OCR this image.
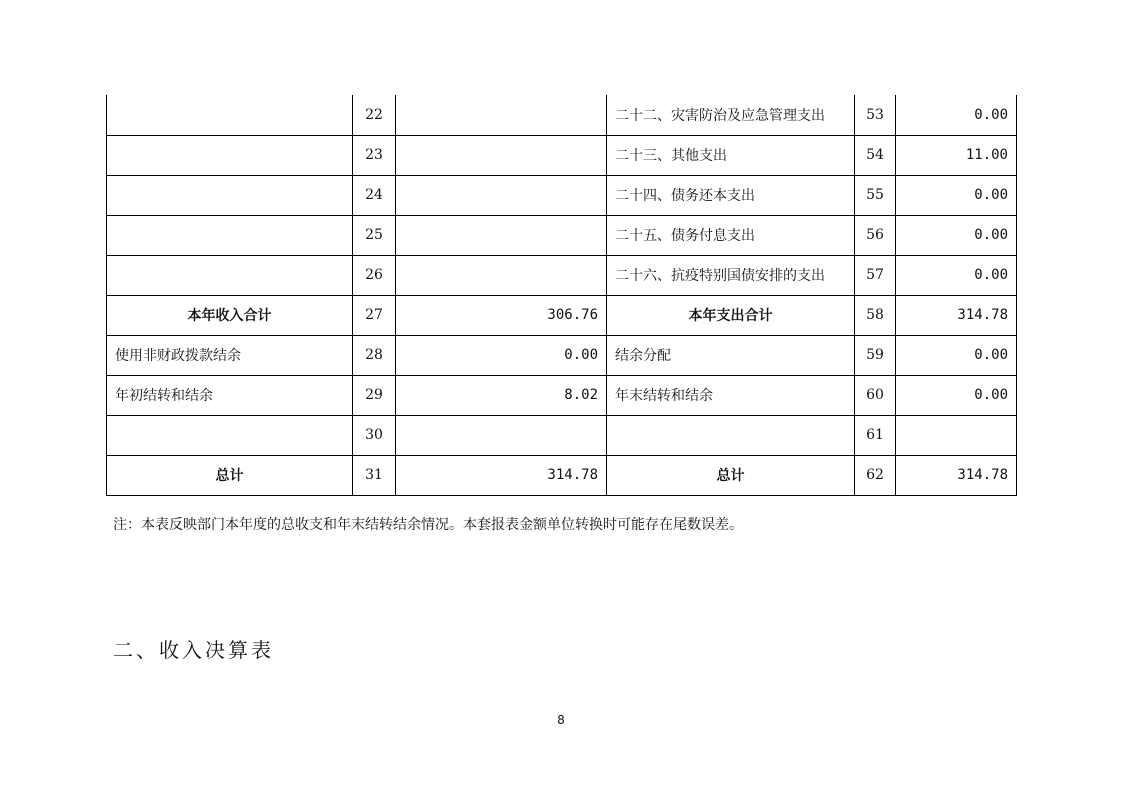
	22		二十二、灾害防治及应急管理支出	53	0.00
	23		二十三、其他支出	54	11.00
	24		二十四、债务还本支出	55	0.00
	25		二十五、债务付息支出	56	0.00
	26		二十六、抗疫特别国债安排的支出	57	0.00
本年收入合计	27	306.76	本年支出合计	58	314.78
使用非财政拨款结余	28	0.00	结余分配	59	0.00
年初结转和结余	29	8.02	年末结转和结余	60	0.00
	30			61	
总计	31	314.78	总计	62	314.78
注：本表反映部门本年度的总收支和年末结转结余情况。本套报表金额单位转换时可能存在尾数误差。
二、收入决算表
8
